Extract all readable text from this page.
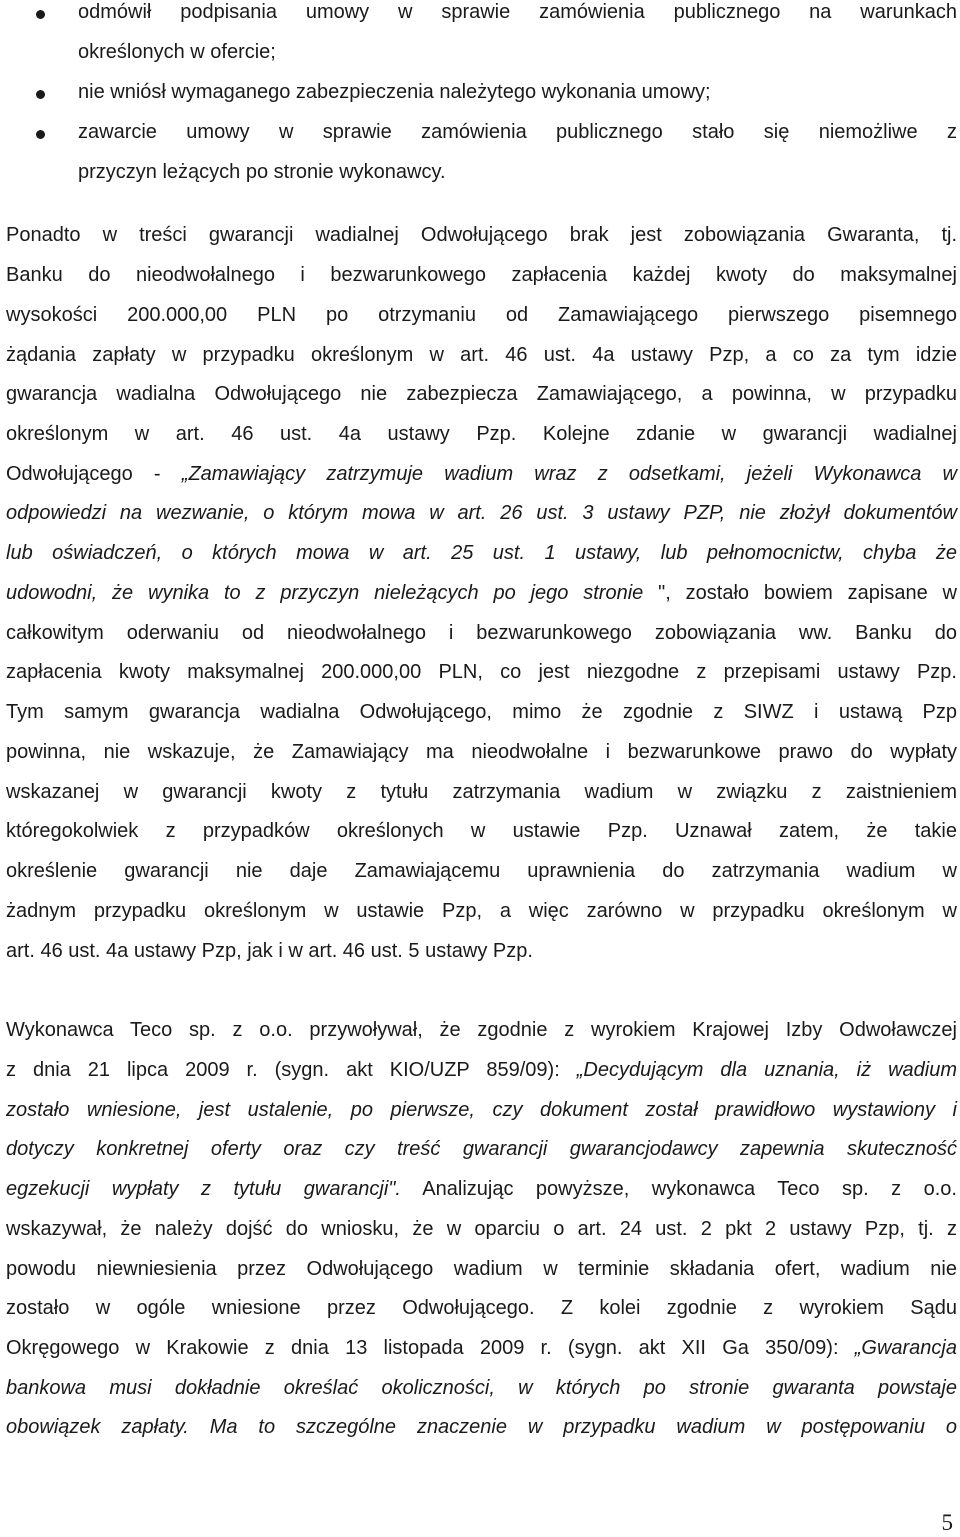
odmówił podpisania umowy w sprawie zamówienia publicznego na warunkach
określonych w ofercie;
nie wniósł wymaganego zabezpieczenia należytego wykonania umowy;
zawarcie umowy w sprawie zamówienia publicznego stało się niemożliwe z
przyczyn leżących po stronie wykonawcy.
Ponadto w treści gwarancji wadialnej Odwołującego brak jest zobowiązania Gwaranta, tj.
Banku do nieodwołalnego i bezwarunkowego zapłacenia każdej kwoty do maksymalnej
wysokości 200.000,00 PLN po otrzymaniu od Zamawiającego pierwszego pisemnego
żądania zapłaty w przypadku określonym w art. 46 ust. 4a ustawy Pzp, a co za tym idzie
gwarancja wadialna Odwołującego nie zabezpiecza Zamawiającego, a powinna, w przypadku
określonym w art. 46 ust. 4a ustawy Pzp. Kolejne zdanie w gwarancji wadialnej
Odwołującego - „Zamawiający zatrzymuje wadium wraz z odsetkami, jeżeli Wykonawca w
odpowiedzi na wezwanie, o którym mowa w art. 26 ust. 3 ustawy PZP, nie złożył dokumentów
lub oświadczeń, o których mowa w art. 25 ust. 1 ustawy, lub pełnomocnictw, chyba że
udowodni, że wynika to z przyczyn nieleżących po jego stronie ", zostało bowiem zapisane w
całkowitym oderwaniu od nieodwołalnego i bezwarunkowego zobowiązania ww. Banku do
zapłacenia kwoty maksymalnej 200.000,00 PLN, co jest niezgodne z przepisami ustawy Pzp.
Tym samym gwarancja wadialna Odwołującego, mimo że zgodnie z SIWZ i ustawą Pzp
powinna, nie wskazuje, że Zamawiający ma nieodwołalne i bezwarunkowe prawo do wypłaty
wskazanej w gwarancji kwoty z tytułu zatrzymania wadium w związku z zaistnieniem
któregokolwiek z przypadków określonych w ustawie Pzp. Uznawał zatem, że takie
określenie gwarancji nie daje Zamawiającemu uprawnienia do zatrzymania wadium w
żadnym przypadku określonym w ustawie Pzp, a więc zarówno w przypadku określonym w
art. 46 ust. 4a ustawy Pzp, jak i w art. 46 ust. 5 ustawy Pzp.
Wykonawca Teco sp. z o.o. przywoływał, że zgodnie z wyrokiem Krajowej Izby Odwoławczej
z dnia 21 lipca 2009 r. (sygn. akt KIO/UZP 859/09): „Decydującym dla uznania, iż wadium
zostało wniesione, jest ustalenie, po pierwsze, czy dokument został prawidłowo wystawiony i
dotyczy konkretnej oferty oraz czy treść gwarancji gwarancjodawcy zapewnia skuteczność
egzekucji wypłaty z tytułu gwarancji". Analizując powyższe, wykonawca Teco sp. z o.o.
wskazywał, że należy dojść do wniosku, że w oparciu o art. 24 ust. 2 pkt 2 ustawy Pzp, tj. z
powodu niewniesienia przez Odwołującego wadium w terminie składania ofert, wadium nie
zostało w ogóle wniesione przez Odwołującego. Z kolei zgodnie z wyrokiem Sądu
Okręgowego w Krakowie z dnia 13 listopada 2009 r. (sygn. akt XII Ga 350/09): „Gwarancja
bankowa musi dokładnie określać okoliczności, w których po stronie gwaranta powstaje
obowiązek zapłaty. Ma to szczególne znaczenie w przypadku wadium w postępowaniu o
5
